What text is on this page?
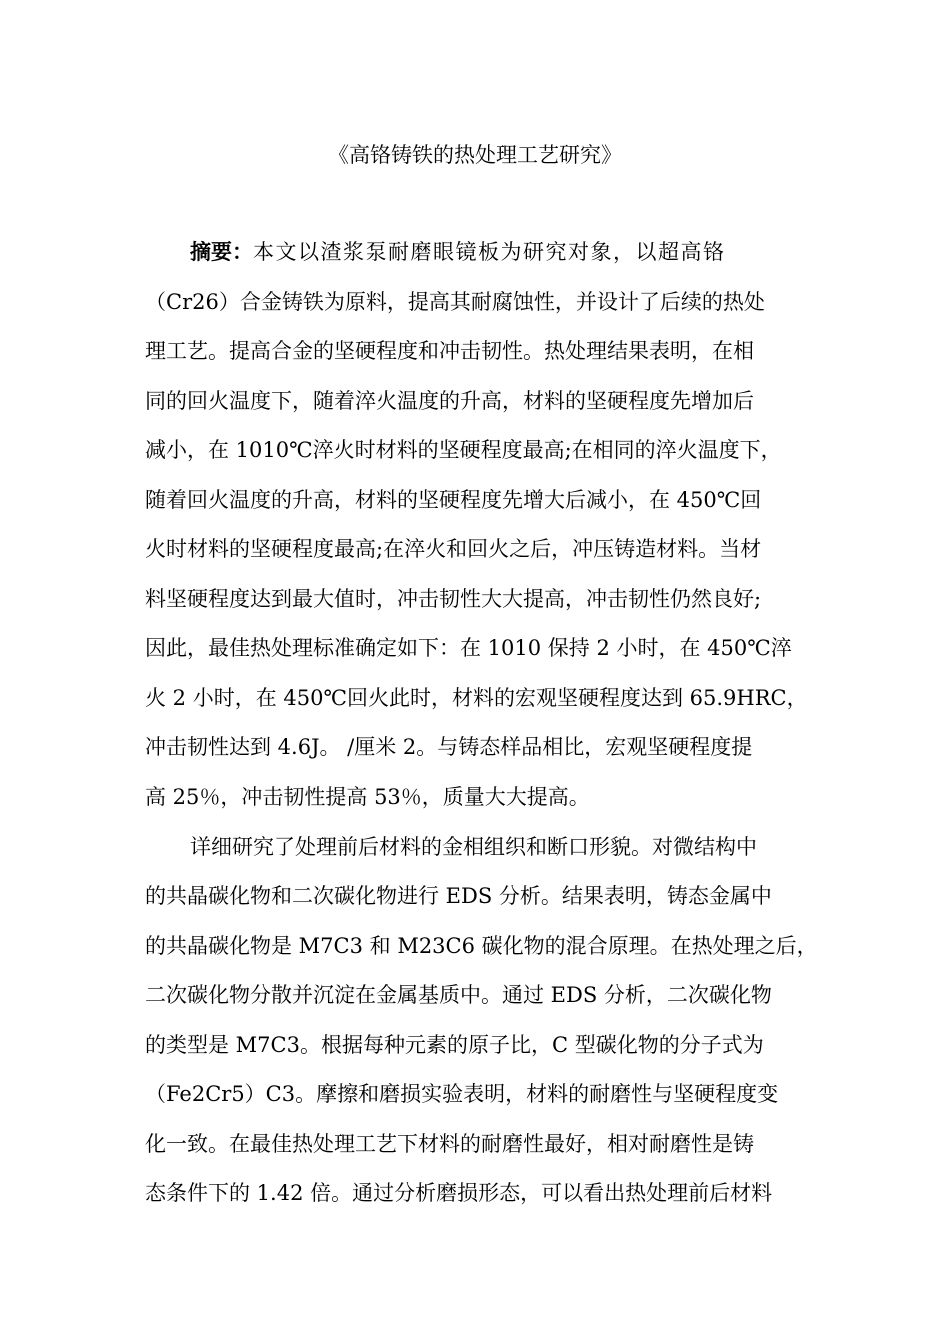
《高铬铸铁的热处理工艺研究》
摘要：本文以渣浆泵耐磨眼镜板为研究对象，以超高铬
（Cr26）合金铸铁为原料，提高其耐腐蚀性，并设计了后续的热处
理工艺。提高合金的坚硬程度和冲击韧性。热处理结果表明，在相
同的回火温度下，随着淬火温度的升高，材料的坚硬程度先增加后
减小，在 1010℃淬火时材料的坚硬程度最高;在相同的淬火温度下，
随着回火温度的升高，材料的坚硬程度先增大后减小，在 450℃回
火时材料的坚硬程度最高;在淬火和回火之后，冲压铸造材料。当材
料坚硬程度达到最大值时，冲击韧性大大提高，冲击韧性仍然良好;
因此，最佳热处理标准确定如下：在 1010 保持 2 小时，在 450℃淬
火 2 小时，在 450℃回火此时，材料的宏观坚硬程度达到 65.9HRC，
冲击韧性达到 4.6J。 /厘米 2。与铸态样品相比，宏观坚硬程度提
高 25％，冲击韧性提高 53％，质量大大提高。
详细研究了处理前后材料的金相组织和断口形貌。对微结构中
的共晶碳化物和二次碳化物进行 EDS 分析。结果表明，铸态金属中
的共晶碳化物是 M7C3 和 M23C6 碳化物的混合原理。在热处理之后，
二次碳化物分散并沉淀在金属基质中。通过 EDS 分析，二次碳化物
的类型是 M7C3。根据每种元素的原子比，C 型碳化物的分子式为
（Fe2Cr5）C3。摩擦和磨损实验表明，材料的耐磨性与坚硬程度变
化一致。在最佳热处理工艺下材料的耐磨性最好，相对耐磨性是铸
态条件下的 1.42 倍。通过分析磨损形态，可以看出热处理前后材料
